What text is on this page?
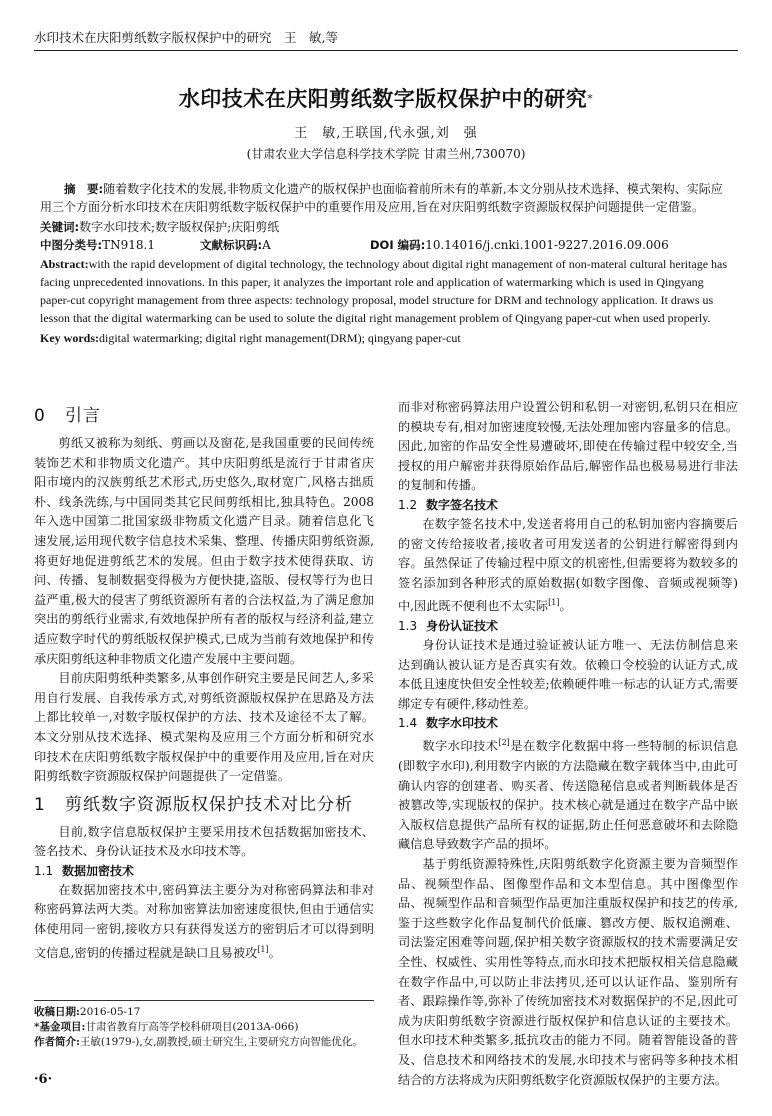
水印技术在庆阳剪纸数字版权保护中的研究　王　敏,等
水印技术在庆阳剪纸数字版权保护中的研究*
王　敏,王联国,代永强,刘　强
(甘肃农业大学信息科学技术学院 甘肃兰州,730070)

摘　要:随着数字化技术的发展,非物质文化遗产的版权保护也面临着前所未有的革新,本文分别从技术选择、模式架构、实际应用三个方面分析水印技术在庆阳剪纸数字版权保护中的重要作用及应用,旨在对庆阳剪纸数字资源版权保护问题提供一定借鉴。

关键词:数字水印技术;数字版权保护;庆阳剪纸

中图分类号:TN918.1	文献标识码:A	DOI 编码:10.14016/j.cnki.1001-9227.2016.09.006

Abstract:with the rapid development of digital technology, the technology about digital right management of non-materal cultural heritage has facing unprecedented innovations. In this paper, it analyzes the important role and application of watermarking which is used in Qingyang paper-cut copyright management from three aspects: technology proposal, model structure for DRM and technology application. It draws us lesson that the digital watermarking can be used to solute the digital right management problem of Qingyang paper-cut when used properly.

Key words:digital watermarking; digital right management(DRM); qingyang paper-cut

0 引言

剪纸又被称为刻纸、剪画以及窗花,是我国重要的民间传统装饰艺术和非物质文化遗产。其中庆阳剪纸是流行于甘肃省庆阳市境内的汉族剪纸艺术形式,历史悠久,取材宽广,风格古拙质朴、线条洗练,与中国同类其它民间剪纸相比,独具特色。2008 年入选中国第二批国家级非物质文化遗产目录。随着信息化飞速发展,运用现代数字信息技术采集、整理、传播庆阳剪纸资源,将更好地促进剪纸艺术的发展。但由于数字技术使得获取、访问、传播、复制数据变得极为方便快捷,盗版、侵权等行为也日益严重,极大的侵害了剪纸资源所有者的合法权益,为了满足愈加突出的剪纸行业需求,有效地保护所有者的版权与经济利益,建立适应数字时代的剪纸版权保护模式,已成为当前有效地保护和传承庆阳剪纸这种非物质文化遗产发展中主要问题。

目前庆阳剪纸种类繁多,从事创作研究主要是民间艺人,多采用自行发展、自我传承方式,对剪纸资源版权保护在思路及方法上都比较单一,对数字版权保护的方法、技术及途径不太了解。本文分别从技术选择、模式架构及应用三个方面分析和研究水印技术在庆阳剪纸数字版权保护中的重要作用及应用,旨在对庆阳剪纸数字资源版权保护问题提供了一定借鉴。

1 剪纸数字资源版权保护技术对比分析

目前,数字信息版权保护主要采用技术包括数据加密技术、签名技术、身份认证技术及水印技术等。

1.1 数据加密技术

在数据加密技术中,密码算法主要分为对称密码算法和非对称密码算法两大类。对称加密算法加密速度很快,但由于通信实体使用同一密钥,接收方只有获得发送方的密钥后才可以得到明文信息,密钥的传播过程就是缺口且易被攻[1]。

而非对称密码算法用户设置公钥和私钥一对密钥,私钥只在相应的模块专有,相对加密速度较慢,无法处理加密内容量多的信息。因此,加密的作品安全性易遭破坏,即使在传输过程中较安全,当授权的用户解密并获得原始作品后,解密作品也极易易进行非法的复制和传播。

1.2 数字签名技术

在数字签名技术中,发送者将用自己的私钥加密内容摘要后的密文传给接收者,接收者可用发送者的公钥进行解密得到内容。虽然保证了传输过程中原文的机密性,但需要将为数较多的签名添加到各种形式的原始数据(如数字图像、音频或视频等)中,因此既不便利也不太实际[1]。

1.3 身份认证技术

身份认证技术是通过验证被认证方唯一、无法仿制信息来达到确认被认证方是否真实有效。依赖口令校验的认证方式,成本低且速度快但安全性较差;依赖硬件唯一标志的认证方式,需要绑定专有硬件,移动性差。

1.4 数字水印技术

数字水印技术[2]是在数字化数据中将一些特制的标识信息(即数字水印),利用数字内嵌的方法隐藏在数字载体当中,由此可确认内容的创建者、购买者、传送隐秘信息或者判断载体是否被篡改等,实现版权的保护。技术核心就是通过在数字产品中嵌入版权信息提供产品所有权的证据,防止任何恶意破坏和去除隐藏信息导致数字产品的损坏。

基于剪纸资源特殊性,庆阳剪纸数字化资源主要为音频型作品、视频型作品、图像型作品和文本型信息。其中图像型作品、视频型作品和音频型作品更加注重版权保护和技艺的传承,鉴于这些数字化作品复制代价低廉、篡改方便、版权追溯难、司法鉴定困难等问题,保护相关数字资源版权的技术需要满足安全性、权威性、实用性等特点,而水印技术把版权相关信息隐藏在数字作品中,可以防止非法拷贝,还可以认证作品、鉴别所有者、跟踪操作等,弥补了传统加密技术对数据保护的不足,因此可成为庆阳剪纸数字资源进行版权保护和信息认证的主要技术。但水印技术种类繁多,抵抗攻击的能力不同。随着智能设备的普及、信息技术和网络技术的发展,水印技术与密码等多种技术相结合的方法将成为庆阳剪纸数字化资源版权保护的主要方法。

收稿日期:2016-05-17

*基金项目:甘肃省教育厅高等学校科研项目(2013A-066)

作者简介:王敏(1979-),女,副教授,硕士研究生,主要研究方向智能优化。

·6·
